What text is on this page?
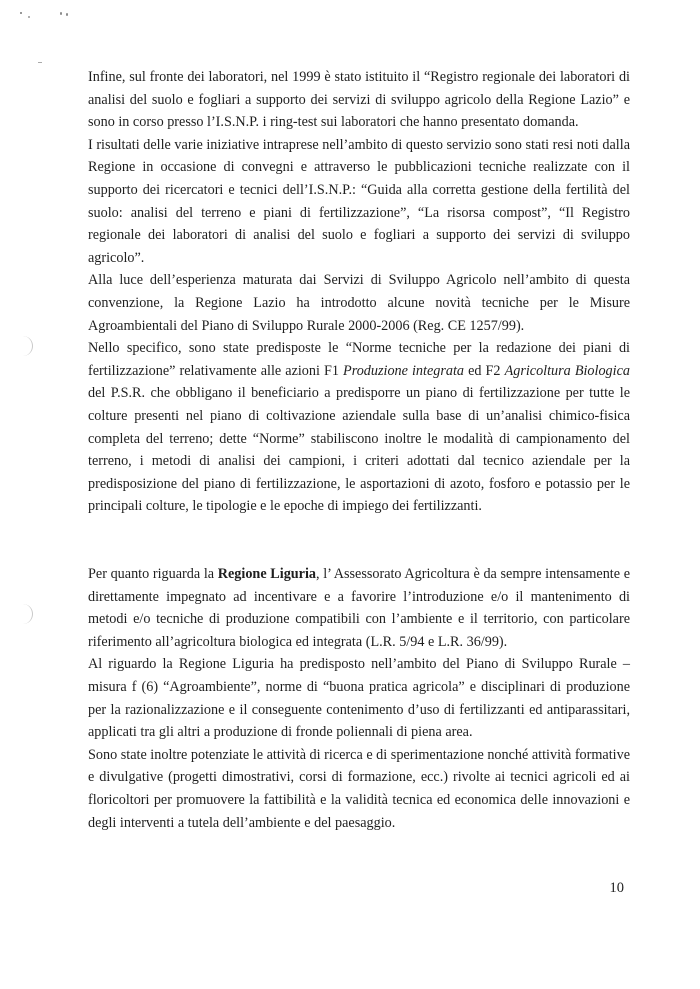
Infine, sul fronte dei laboratori, nel 1999 è stato istituito il “Registro regionale dei laboratori di analisi del suolo e fogliari a supporto dei servizi di sviluppo agricolo della Regione Lazio” e sono in corso presso l’I.S.N.P. i ring-test sui laboratori che hanno presentato domanda.

I risultati delle varie iniziative intraprese nell’ambito di questo servizio sono stati resi noti dalla Regione in occasione di convegni e attraverso le pubblicazioni tecniche realizzate con il supporto dei ricercatori e tecnici dell’I.S.N.P.: “Guida alla corretta gestione della fertilità del suolo: analisi del terreno e piani di fertilizzazione”, “La risorsa compost”, “Il Registro regionale dei laboratori di analisi del suolo e fogliari a supporto dei servizi di sviluppo agricolo”.

Alla luce dell’esperienza maturata dai Servizi di Sviluppo Agricolo nell’ambito di questa convenzione, la Regione Lazio ha introdotto alcune novità tecniche per le Misure Agroambientali del Piano di Sviluppo Rurale 2000-2006 (Reg. CE 1257/99).

Nello specifico, sono state predisposte le “Norme tecniche per la redazione dei piani di fertilizzazione” relativamente alle azioni F1 Produzione integrata ed F2 Agricoltura Biologica del P.S.R. che obbligano il beneficiario a predisporre un piano di fertilizzazione per tutte le colture presenti nel piano di coltivazione aziendale sulla base di un’analisi chimico-fisica completa del terreno; dette “Norme” stabiliscono inoltre le modalità di campionamento del terreno, i metodi di analisi dei campioni, i criteri adottati dal tecnico aziendale per la predisposizione del piano di fertilizzazione, le asportazioni di azoto, fosforo e potassio per le principali colture, le tipologie e le epoche di impiego dei fertilizzanti.

Per quanto riguarda la Regione Liguria, l’ Assessorato Agricoltura è da sempre intensamente e direttamente impegnato ad incentivare e a favorire l’introduzione e/o il mantenimento di metodi e/o tecniche di produzione compatibili con l’ambiente e il territorio, con particolare riferimento all’agricoltura biologica ed integrata (L.R. 5/94 e L.R. 36/99).

Al riguardo la Regione Liguria ha predisposto nell’ambito del Piano di Sviluppo Rurale – misura f (6) “Agroambiente”, norme di “buona pratica agricola” e disciplinari di produzione per la razionalizzazione e il conseguente contenimento d’uso di fertilizzanti ed antiparassitari, applicati tra gli altri a produzione di fronde poliennali di piena area.

Sono state inoltre potenziate le attività di ricerca e di sperimentazione nonché attività formative e divulgative (progetti dimostrativi, corsi di formazione, ecc.) rivolte ai tecnici agricoli ed ai floricoltori per promuovere la fattibilità e la validità tecnica ed economica delle innovazioni e degli interventi a tutela dell’ambiente e del paesaggio.

10
